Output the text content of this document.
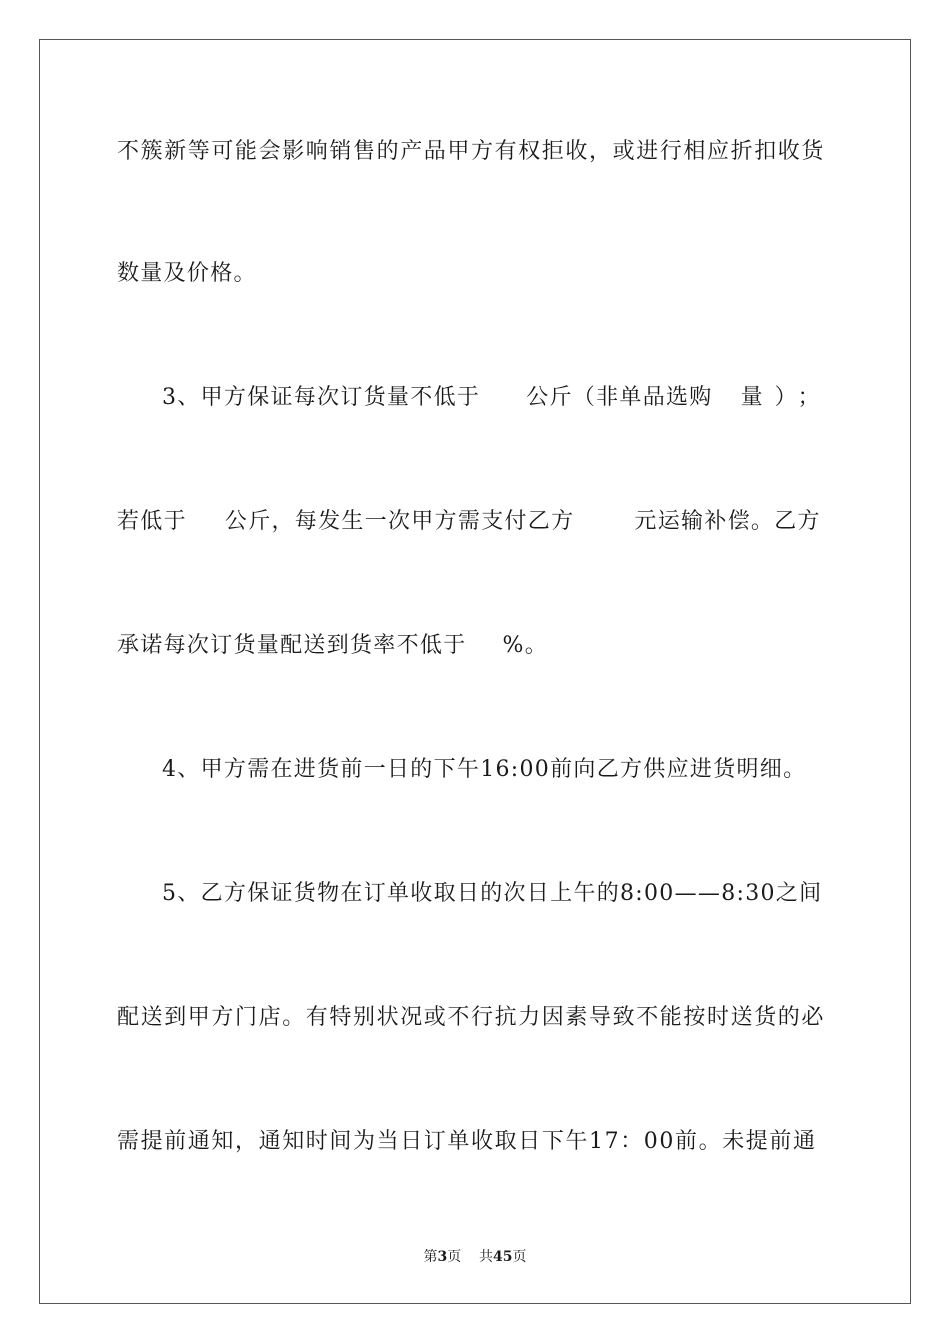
不簇新等可能会影响销售的产品甲方有权拒收，或进行相应折扣收货
数量及价格。
3、甲方保证每次订货量不低于 公斤（非单品选购 量）；
若低于 公斤，每发生一次甲方需支付乙方	元运输补偿。乙方
承诺每次订货量配送到货率不低于 %。
4、甲方需在进货前一日的下午16:00前向乙方供应进货明细。
5、乙方保证货物在订单收取日的次日上午的8:00——8:30之间
配送到甲方门店。有特别状况或不行抗力因素导致不能按时送货的必
需提前通知，通知时间为当日订单收取日下午17：00前。未提前通
第3页 共45页
